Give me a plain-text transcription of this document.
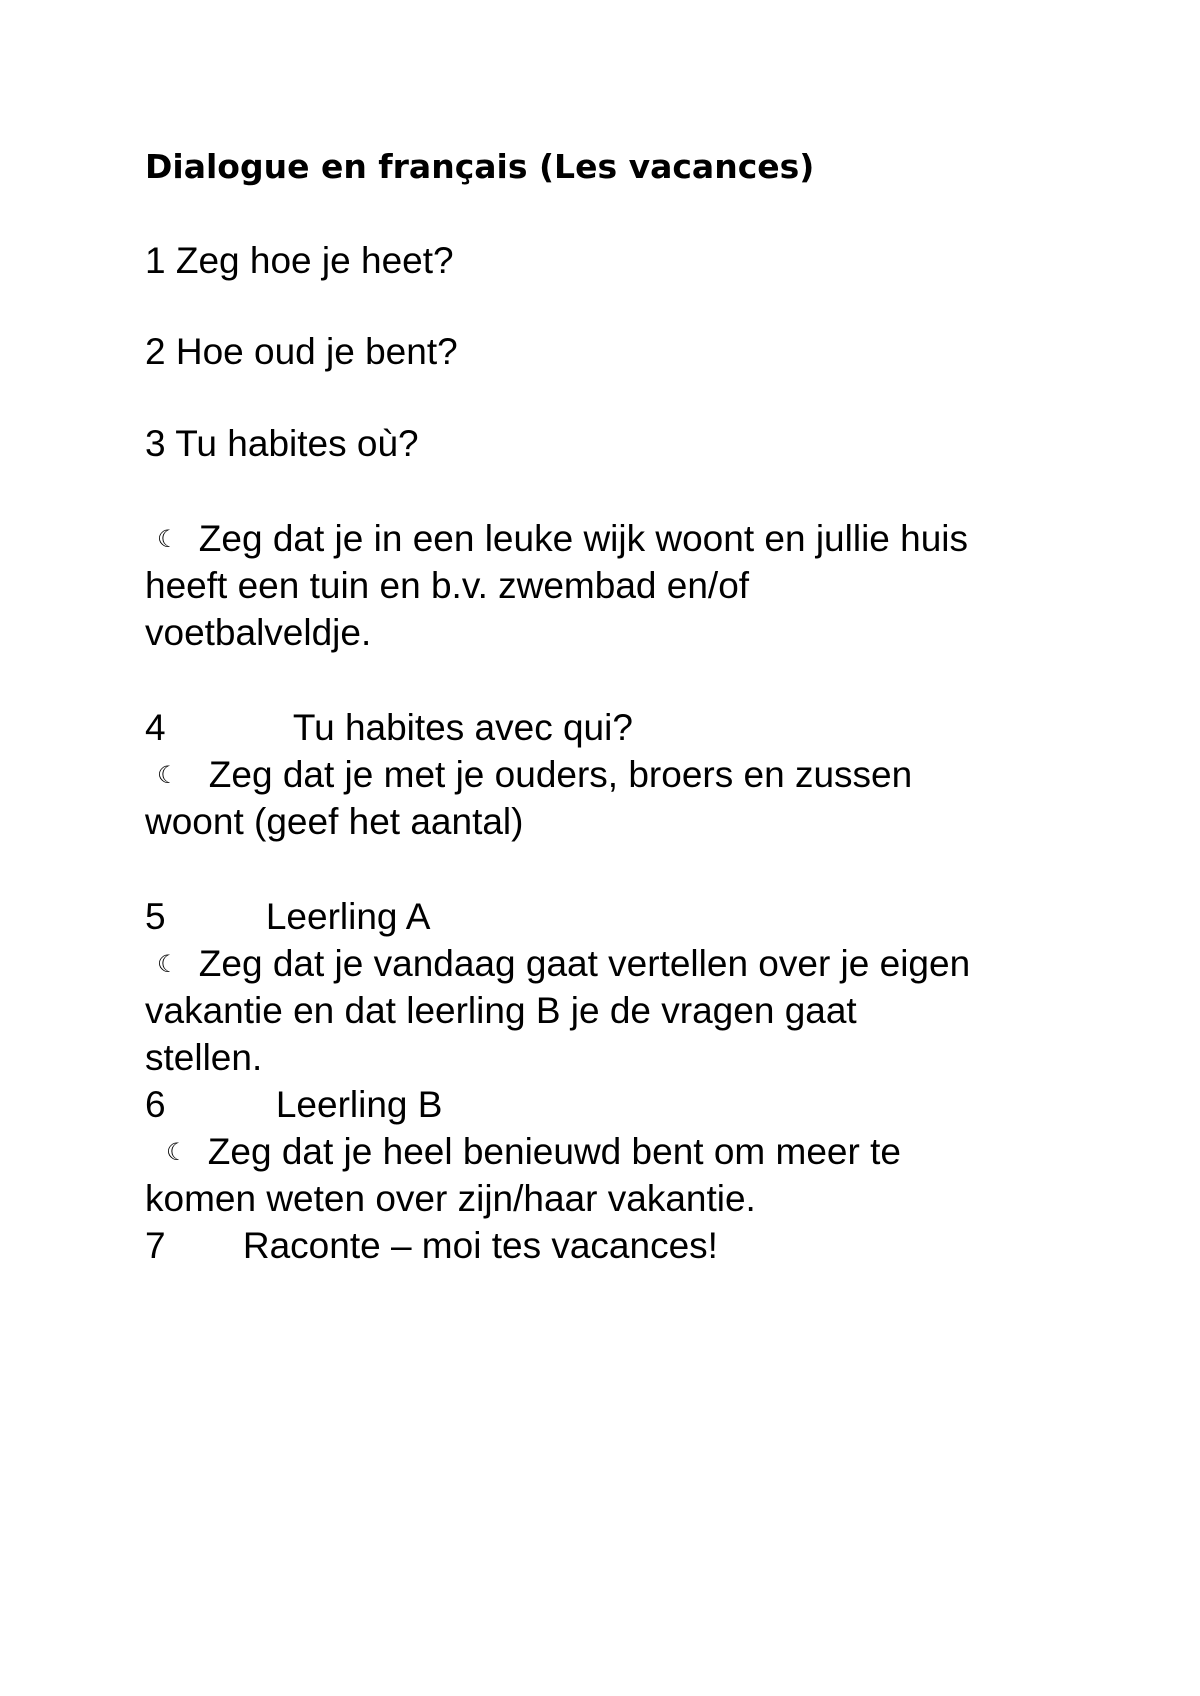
Dialogue en français (Les vacances)
1 Zeg hoe je heet?
2 Hoe oud je bent?
3 Tu habites où?
☾ Zeg dat je in een leuke wijk woont en jullie huis
heeft een tuin en b.v. zwembad en/of
voetbalveldje.
4	Tu habites avec qui?
☾ Zeg dat je met je ouders, broers en zussen
woont (geef het aantal)
5	Leerling A
☾ Zeg dat je vandaag gaat vertellen over je eigen
vakantie en dat leerling B je de vragen gaat
stellen.
6	Leerling B
☾ Zeg dat je heel benieuwd bent om meer te
komen weten over zijn/haar vakantie.
7 Raconte – moi tes vacances!
